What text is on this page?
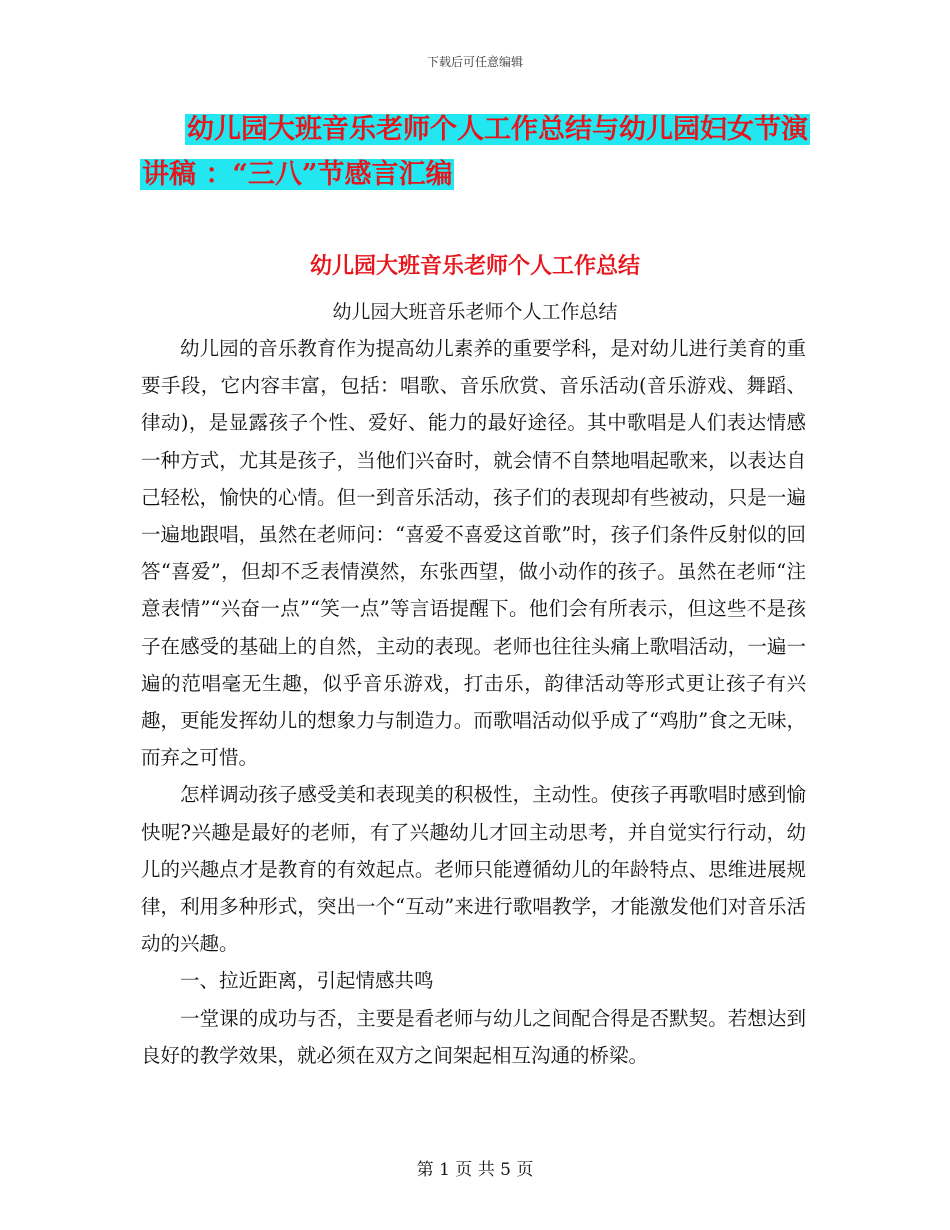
下载后可任意编辑
幼儿园大班音乐老师个人工作总结与幼儿园妇女节演
讲稿 ：“三八”节感言汇编
幼儿园大班音乐老师个人工作总结
幼儿园大班音乐老师个人工作总结

幼儿园的音乐教育作为提高幼儿素养的重要学科，是对幼儿进行美育的重要手段，它内容丰富，包括：唱歌、音乐欣赏、音乐活动(音乐游戏、舞蹈、律动)，是显露孩子个性、爱好、能力的最好途径。其中歌唱是人们表达情感一种方式，尤其是孩子，当他们兴奋时，就会情不自禁地唱起歌来，以表达自己轻松，愉快的心情。但一到音乐活动，孩子们的表现却有些被动，只是一遍一遍地跟唱，虽然在老师问：“喜爱不喜爱这首歌”时，孩子们条件反射似的回答“喜爱”，但却不乏表情漠然，东张西望，做小动作的孩子。虽然在老师“注意表情”“兴奋一点”“笑一点”等言语提醒下。他们会有所表示，但这些不是孩子在感受的基础上的自然，主动的表现。老师也往往头痛上歌唱活动，一遍一遍的范唱毫无生趣，似乎音乐游戏，打击乐，韵律活动等形式更让孩子有兴趣，更能发挥幼儿的想象力与制造力。而歌唱活动似乎成了“鸡肋”食之无味，而弃之可惜。

怎样调动孩子感受美和表现美的积极性，主动性。使孩子再歌唱时感到愉快呢?兴趣是最好的老师，有了兴趣幼儿才回主动思考，并自觉实行行动，幼儿的兴趣点才是教育的有效起点。老师只能遵循幼儿的年龄特点、思维进展规律，利用多种形式，突出一个“互动”来进行歌唱教学，才能激发他们对音乐活动的兴趣。

一、拉近距离，引起情感共鸣

一堂课的成功与否，主要是看老师与幼儿之间配合得是否默契。若想达到良好的教学效果，就必须在双方之间架起相互沟通的桥梁。

第 1 页 共 5 页
